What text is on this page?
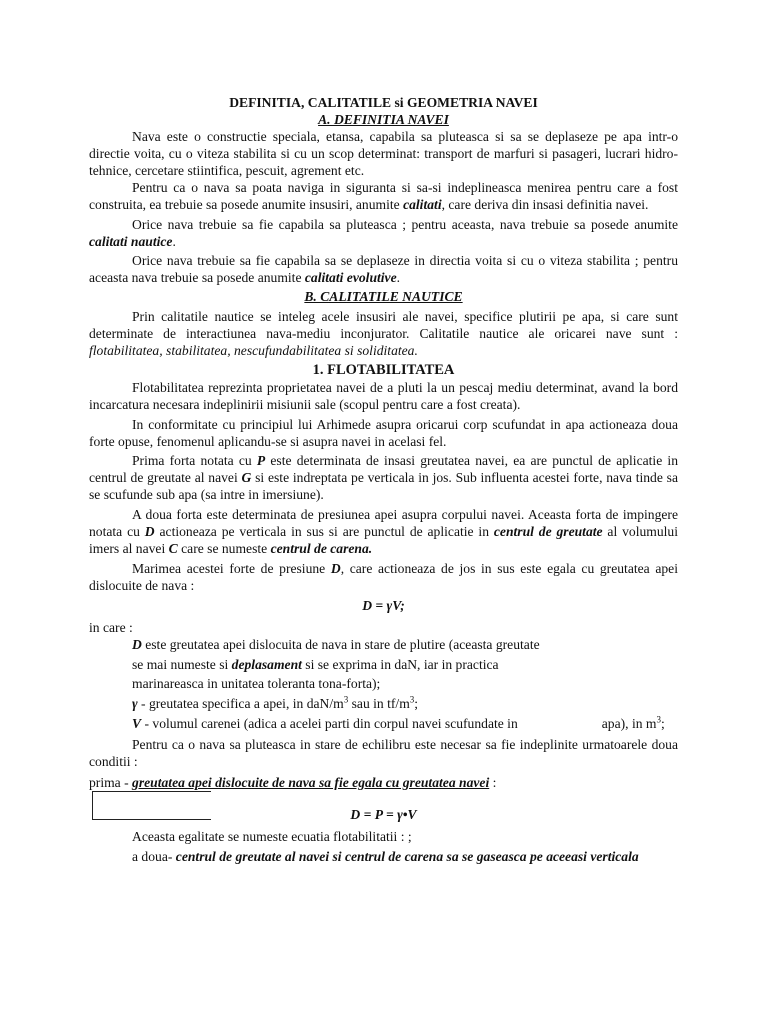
DEFINITIA, CALITATILE si GEOMETRIA NAVEI

A. DEFINITIA NAVEI

Nava este o constructie speciala, etansa, capabila sa pluteasca si sa se deplaseze pe apa intr-o directie voita, cu o viteza stabilita si cu un scop determinat: transport de marfuri si pasageri, lucrari hidro-tehnice, cercetare stiintifica, pescuit, agrement etc.

Pentru ca o nava sa poata naviga in siguranta si sa-si indeplineasca menirea pentru care a fost construita, ea trebuie sa posede anumite insusiri, anumite calitati, care deriva din insasi definitia navei.

Orice nava trebuie sa fie capabila sa pluteasca ; pentru aceasta, nava trebuie sa posede anumite calitati nautice.

Orice nava trebuie sa fie capabila sa se deplaseze in directia voita si cu o viteza stabilita ; pentru aceasta nava trebuie sa posede anumite calitati evolutive.

B. CALITATILE NAUTICE

Prin calitatile nautice se inteleg acele insusiri ale navei, specifice plutirii pe apa, si care sunt determinate de interactiunea nava-mediu inconjurator. Calitatile nautice ale oricarei nave sunt : flotabilitatea, stabilitatea, nescufundabilitatea si soliditatea.

1. FLOTABILITATEA

Flotabilitatea reprezinta proprietatea navei de a pluti la un pescaj mediu determinat, avand la bord incarcatura necesara indeplinirii misiunii sale (scopul pentru care a fost creata).

In conformitate cu principiul lui Arhimede asupra oricarui corp scufundat in apa actioneaza doua forte opuse, fenomenul aplicandu-se si asupra navei in acelasi fel.

Prima forta notata cu P este determinata de insasi greutatea navei, ea are punctul de aplicatie in centrul de greutate al navei G si este indreptata pe verticala in jos. Sub influenta acestei forte, nava tinde sa se scufunde sub apa (sa intre in imersiune).

A doua forta este determinata de presiunea apei asupra corpului navei. Aceasta forta de impingere notata cu D actioneaza pe verticala in sus si are punctul de aplicatie in centrul de greutate al volumului imers al navei C care se numeste centrul de carena.

Marimea acestei forte de presiune D, care actioneaza de jos in sus este egala cu greutatea apei dislocuite de nava :

D = γV;

in care :

D este greutatea apei dislocuita de nava in stare de plutire (aceasta greutate

se mai numeste si deplasament si se exprima in daN, iar in practica

marinareasca in unitatea toleranta tona-forta);

γ - greutatea specifica a apei, in daN/$m^3$ sau in $tf/m^3$;

V - volumul carenei (adica a acelei parti din corpul navei scufundate in	apa), in $m^3$;

Pentru ca o nava sa pluteasca in stare de echilibru este necesar sa fie indeplinite urmatoarele doua conditii :

prima - greutatea apei dislocuite de nava sa fie egala cu greutatea navei :

D = P = γ•V

Aceasta egalitate se numeste ecuatia flotabilitatii : ;

a doua- centrul de greutate al navei si centrul de carena sa se gaseasca pe aceeasi verticala
